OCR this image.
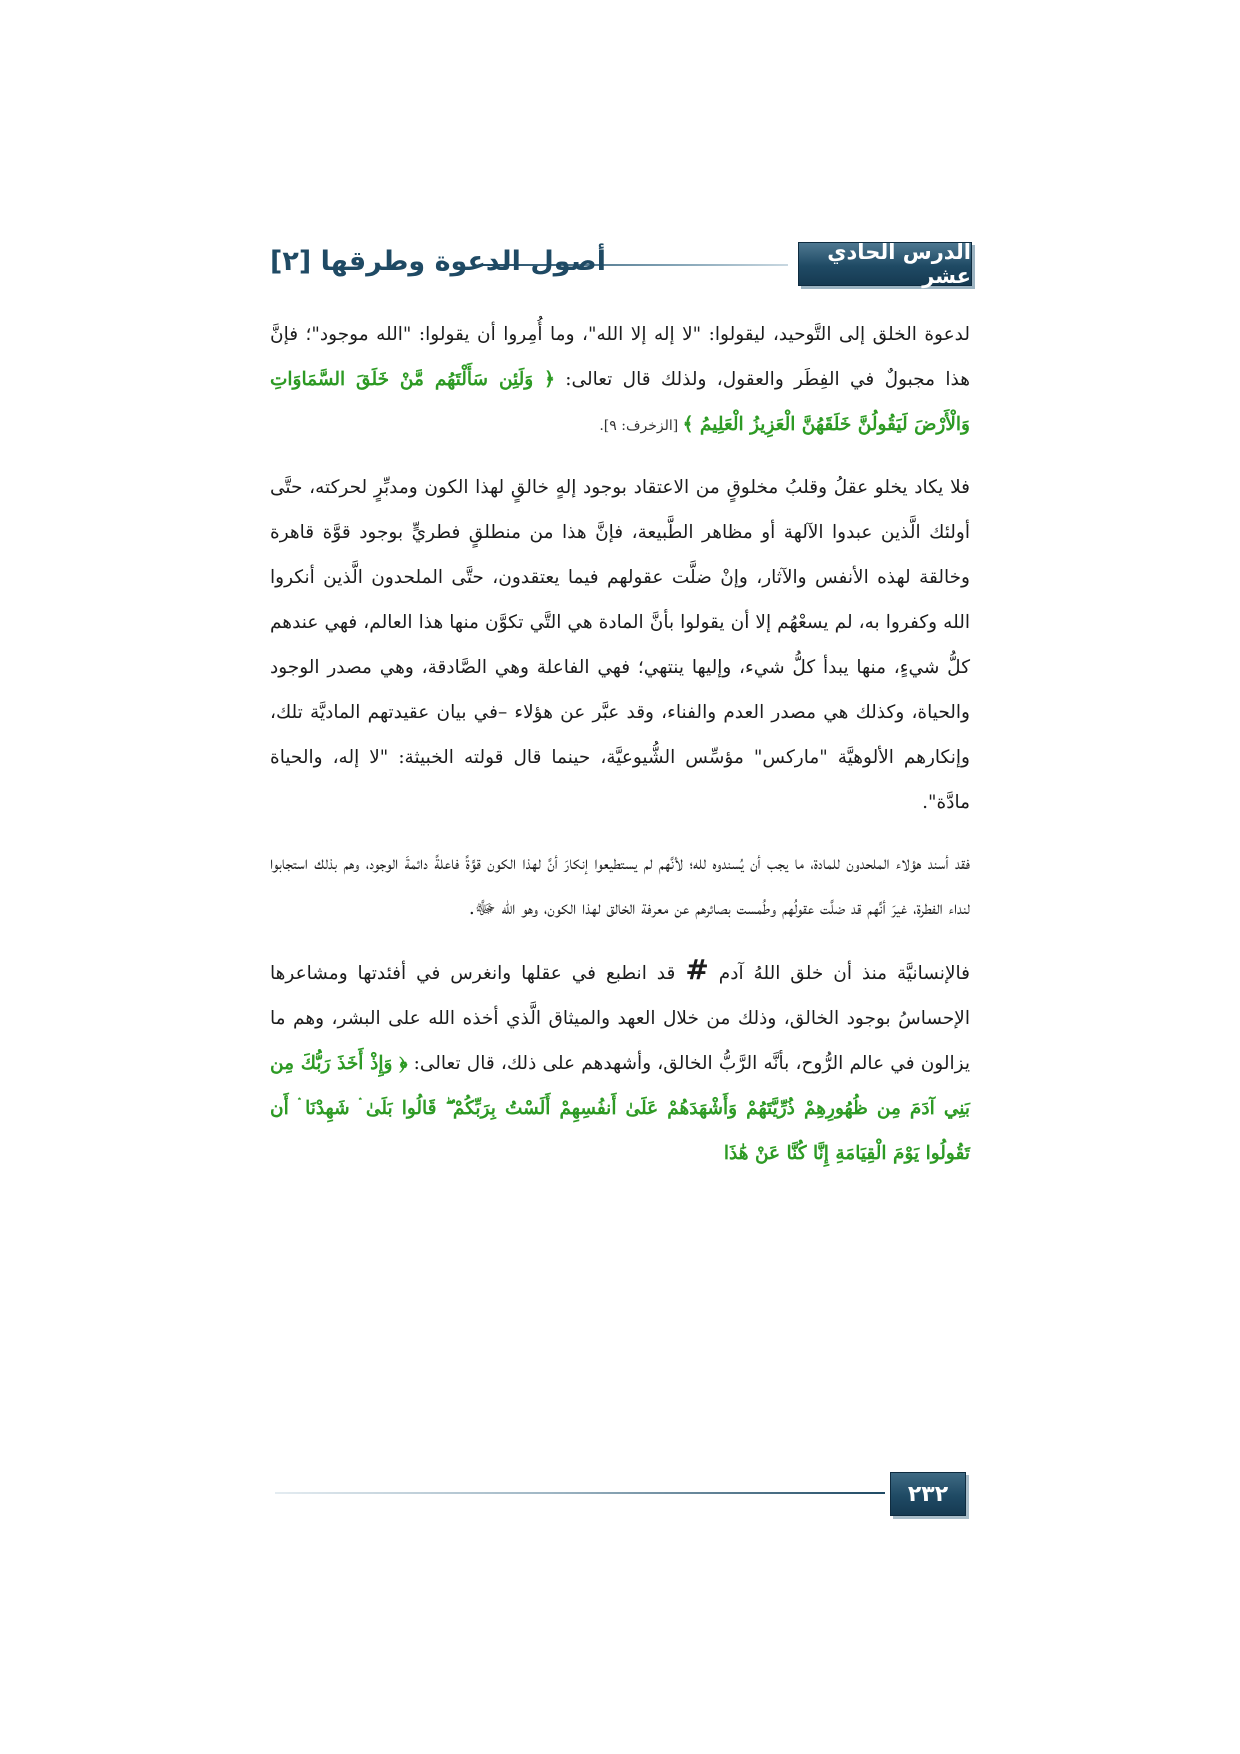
الدرس الحادي عشر
أصول الدعوة وطرقها [٢]

لدعوة الخلق إلى التَّوحيد، ليقولوا: "لا إله إلا الله"، وما أُمِروا أن يقولوا: "الله موجود"؛ فإنَّ هذا مجبولٌ في الفِطَر والعقول، ولذلك قال تعالى: ﴿ وَلَئِن سَأَلْتَهُم مَّنْ خَلَقَ السَّمَاوَاتِ وَالْأَرْضَ لَيَقُولُنَّ خَلَقَهُنَّ الْعَزِيزُ الْعَلِيمُ ﴾ [الزخرف: ٩].

فلا يكاد يخلو عقلُ وقلبُ مخلوقٍ من الاعتقاد بوجود إلهٍ خالقٍ لهذا الكون ومدبِّرٍ لحركته، حتَّى أولئك الَّذين عبدوا الآلهة أو مظاهر الطَّبيعة، فإنَّ هذا من منطلقٍ فطريٍّ بوجود قوَّة قاهرة وخالقة لهذه الأنفس والآثار، وإنْ ضلَّت عقولهم فيما يعتقدون، حتَّى الملحدون الَّذين أنكروا الله وكفروا به، لم يسعْهُم إلا أن يقولوا بأنَّ المادة هي التَّي تكوَّن منها هذا العالم، فهي عندهم كلُّ شيءٍ، منها يبدأ كلُّ شيء، وإليها ينتهي؛ فهي الفاعلة وهي الصَّادقة، وهي مصدر الوجود والحياة، وكذلك هي مصدر العدم والفناء، وقد عبَّر عن هؤلاء –في بيان عقيدتهم الماديَّة تلك، وإنكارهم الألوهيَّة "ماركس" مؤسِّس الشُّيوعيَّة، حينما قال قولته الخبيثة: "لا إله، والحياة مادَّة".

فقد أسند هؤلاء الملحدون للمادة، ما يجب أن يُسندوه لله؛ لأنَّهم لم يستطيعوا إنكارَ أنَّ لهذا الكون قوَّةً فاعلةً دائمةَ الوجود، وهم بذلك استجابوا لنداء الفطرة، غيرَ أنَّهم قد ضلَّت عقولُهم وطُمست بصائرهم عن معرفة الخالق لهذا الكون، وهو الله ﷻ.

فالإنسانيَّة منذ أن خلق اللهُ آدم#قد انطبع في عقلها وانغرس في أفئدتها ومشاعرها الإحساسُ بوجود الخالق، وذلك من خلال العهد والميثاق الَّذي أخذه الله على البشر، وهم ما يزالون في عالم الرُّوح، بأنَّه الرَّبُّ الخالق، وأشهدهم على ذلك، قال تعالى: ﴿ وَإِذْ أَخَذَ رَبُّكَ مِن بَنِي آدَمَ مِن ظُهُورِهِمْ ذُرِّيَّتَهُمْ وَأَشْهَدَهُمْ عَلَىٰ أَنفُسِهِمْ أَلَسْتُ بِرَبِّكُمْ ۖ قَالُوا بَلَىٰ ۛ شَهِدْنَا ۛ أَن تَقُولُوا يَوْمَ الْقِيَامَةِ إِنَّا كُنَّا عَنْ هَٰذَا

٢٣٢
